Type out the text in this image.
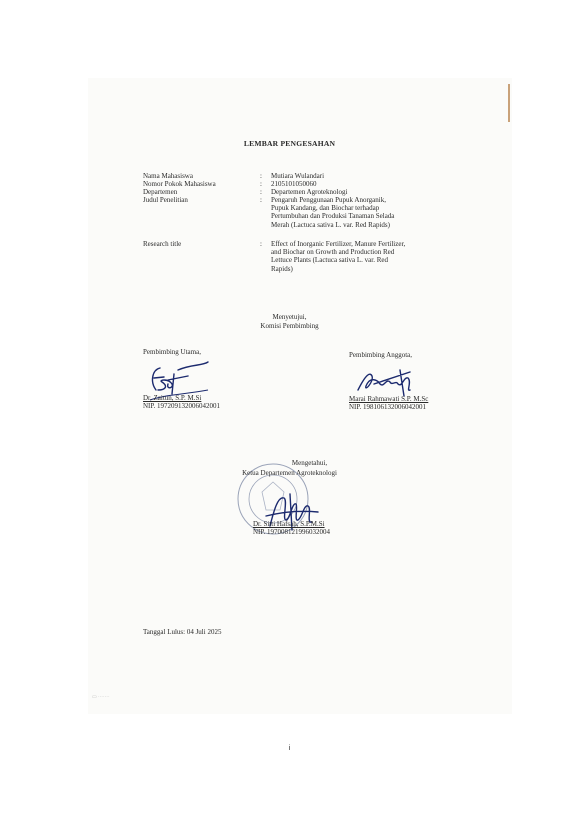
LEMBAR PENGESAHAN
Nama Mahasiswa
Nomor Pokok Mahasiswa
Departemen
Judul Penelitian
Research title
:
:
:
:
:
Mutiara Wulandari
2105101050060
Departemen Agroteknologi
Pengaruh Penggunaan Pupuk Anorganik,
Pupuk Kandang, dan Biochar terhadap
Pertumbuhan dan Produksi Tanaman Selada
Merah (Lactuca sativa L. var. Red Rapids)
Effect of Inorganic Fertilizer, Manure Fertilizer,
and Biochar on Growth and Production Red
Lettuce Plants (Lactuca sativa L. var. Red
Rapids)
Menyetujui,
Komisi Pembimbing
Pembimbing Utama,
Dr. Zaitun, S.P. M.Si
NIP. 197209132006042001
Pembimbing Anggota,
Marai Rahmawati S.P. M.Sc
NIP. 198106132006042001
Mengetahui,
Ketua Departemen Agroteknologi
Dr. Sitti Hafsah, S.P.M.Si
NIP. 197008121996032004
Tanggal Lulus: 04 Juli 2025
▭ ·······
i
